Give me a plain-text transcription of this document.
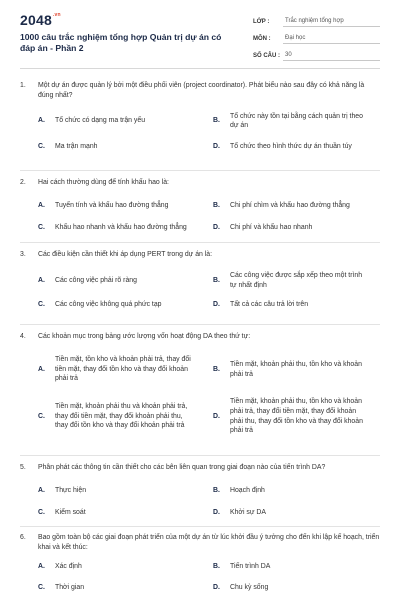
$2048^{.vn}$
1000 câu trắc nghiệm tổng hợp Quản trị dự án có đáp án - Phần 2
LỚP :	Trắc nghiệm tổng hợp
MÔN :	Đại học
SỐ CÂU : 30
1.	Một dự án được quản lý bởi một điều phối viên (project coordinator). Phát biểu nào sau đây có khả năng là đúng nhất?
A.	Tổ chức có dạng ma trận yếu	B.
Tổ chức này tồn tại bằng cách quản trị theo dự án
C.	Ma trận mạnh	D.	Tổ chức theo hình thức dự án thuần túy
2.	Hai cách thường dùng để tính khấu hao là:
A.	Tuyến tính và khấu hao đường thẳng	B.	Chi phí chìm và khấu hao đường thẳng
C.	Khấu hao nhanh và khấu hao đường thẳng	D.	Chi phí và khấu hao nhanh
3.	Các điều kiện cần thiết khi áp dụng PERT trong dự án là:
A.	Các công việc phải rõ ràng	B.
Các công việc được sắp xếp theo một trình tự nhất định
C.	Các công việc không quá phức tạp	D.	Tất cả các câu trả lời trên
4.	Các khoản mục trong bảng ước lượng vốn hoạt động DA theo thứ tự:
A.
Tiền mặt, tồn kho và khoản phải trả, thay đổi tiền mặt, thay đổi tồn kho và thay đổi khoản phải trả
B.
Tiền mặt, khoản phải thu, tồn kho và khoản phải trả
C.
Tiền mặt, khoản phải thu và khoản phải trả, thay đổi tiền mặt, thay đổi khoản phải thu, thay đổi tồn kho và thay đổi khoản phải trả
D.
Tiền mặt, khoản phải thu, tồn kho và khoản phải trả, thay đổi tiền mặt, thay đổi khoản phải thu, thay đổi tồn kho và thay đổi khoản phải trả
5.	Phân phát các thông tin cần thiết cho các bên liên quan trong giai đoạn nào của tiến trình DA?
A.	Thực hiện	B.	Hoạch định
C.	Kiểm soát	D.	Khởi sự DA
6.	Bao gồm toàn bộ các giai đoạn phát triển của một dự án từ lúc khởi đầu ý tưởng cho đến khi lập kế hoạch, triển khai và kết thúc:
A.	Xác định	B.	Tiến trình DA
C.	Thời gian	D.	Chu kỳ sống
